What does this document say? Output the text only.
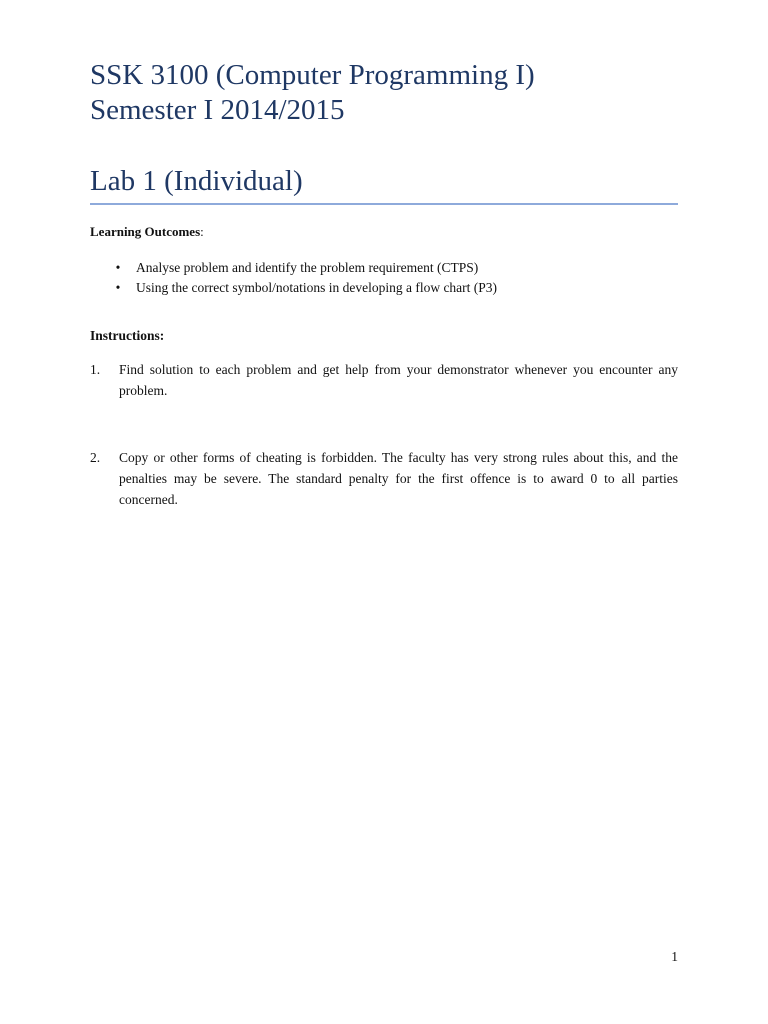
SSK 3100 (Computer Programming I)
Semester I 2014/2015
Lab 1 (Individual)
Learning Outcomes:
• Analyse problem and identify the problem requirement (CTPS)
• Using the correct symbol/notations in developing a flow chart (P3)
Instructions:
1.	Find solution to each problem and get help from your demonstrator whenever you encounter any problem.
2.	Copy or other forms of cheating is forbidden. The faculty has very strong rules about this, and the penalties may be severe. The standard penalty for the first offence is to award 0 to all parties concerned.
1
